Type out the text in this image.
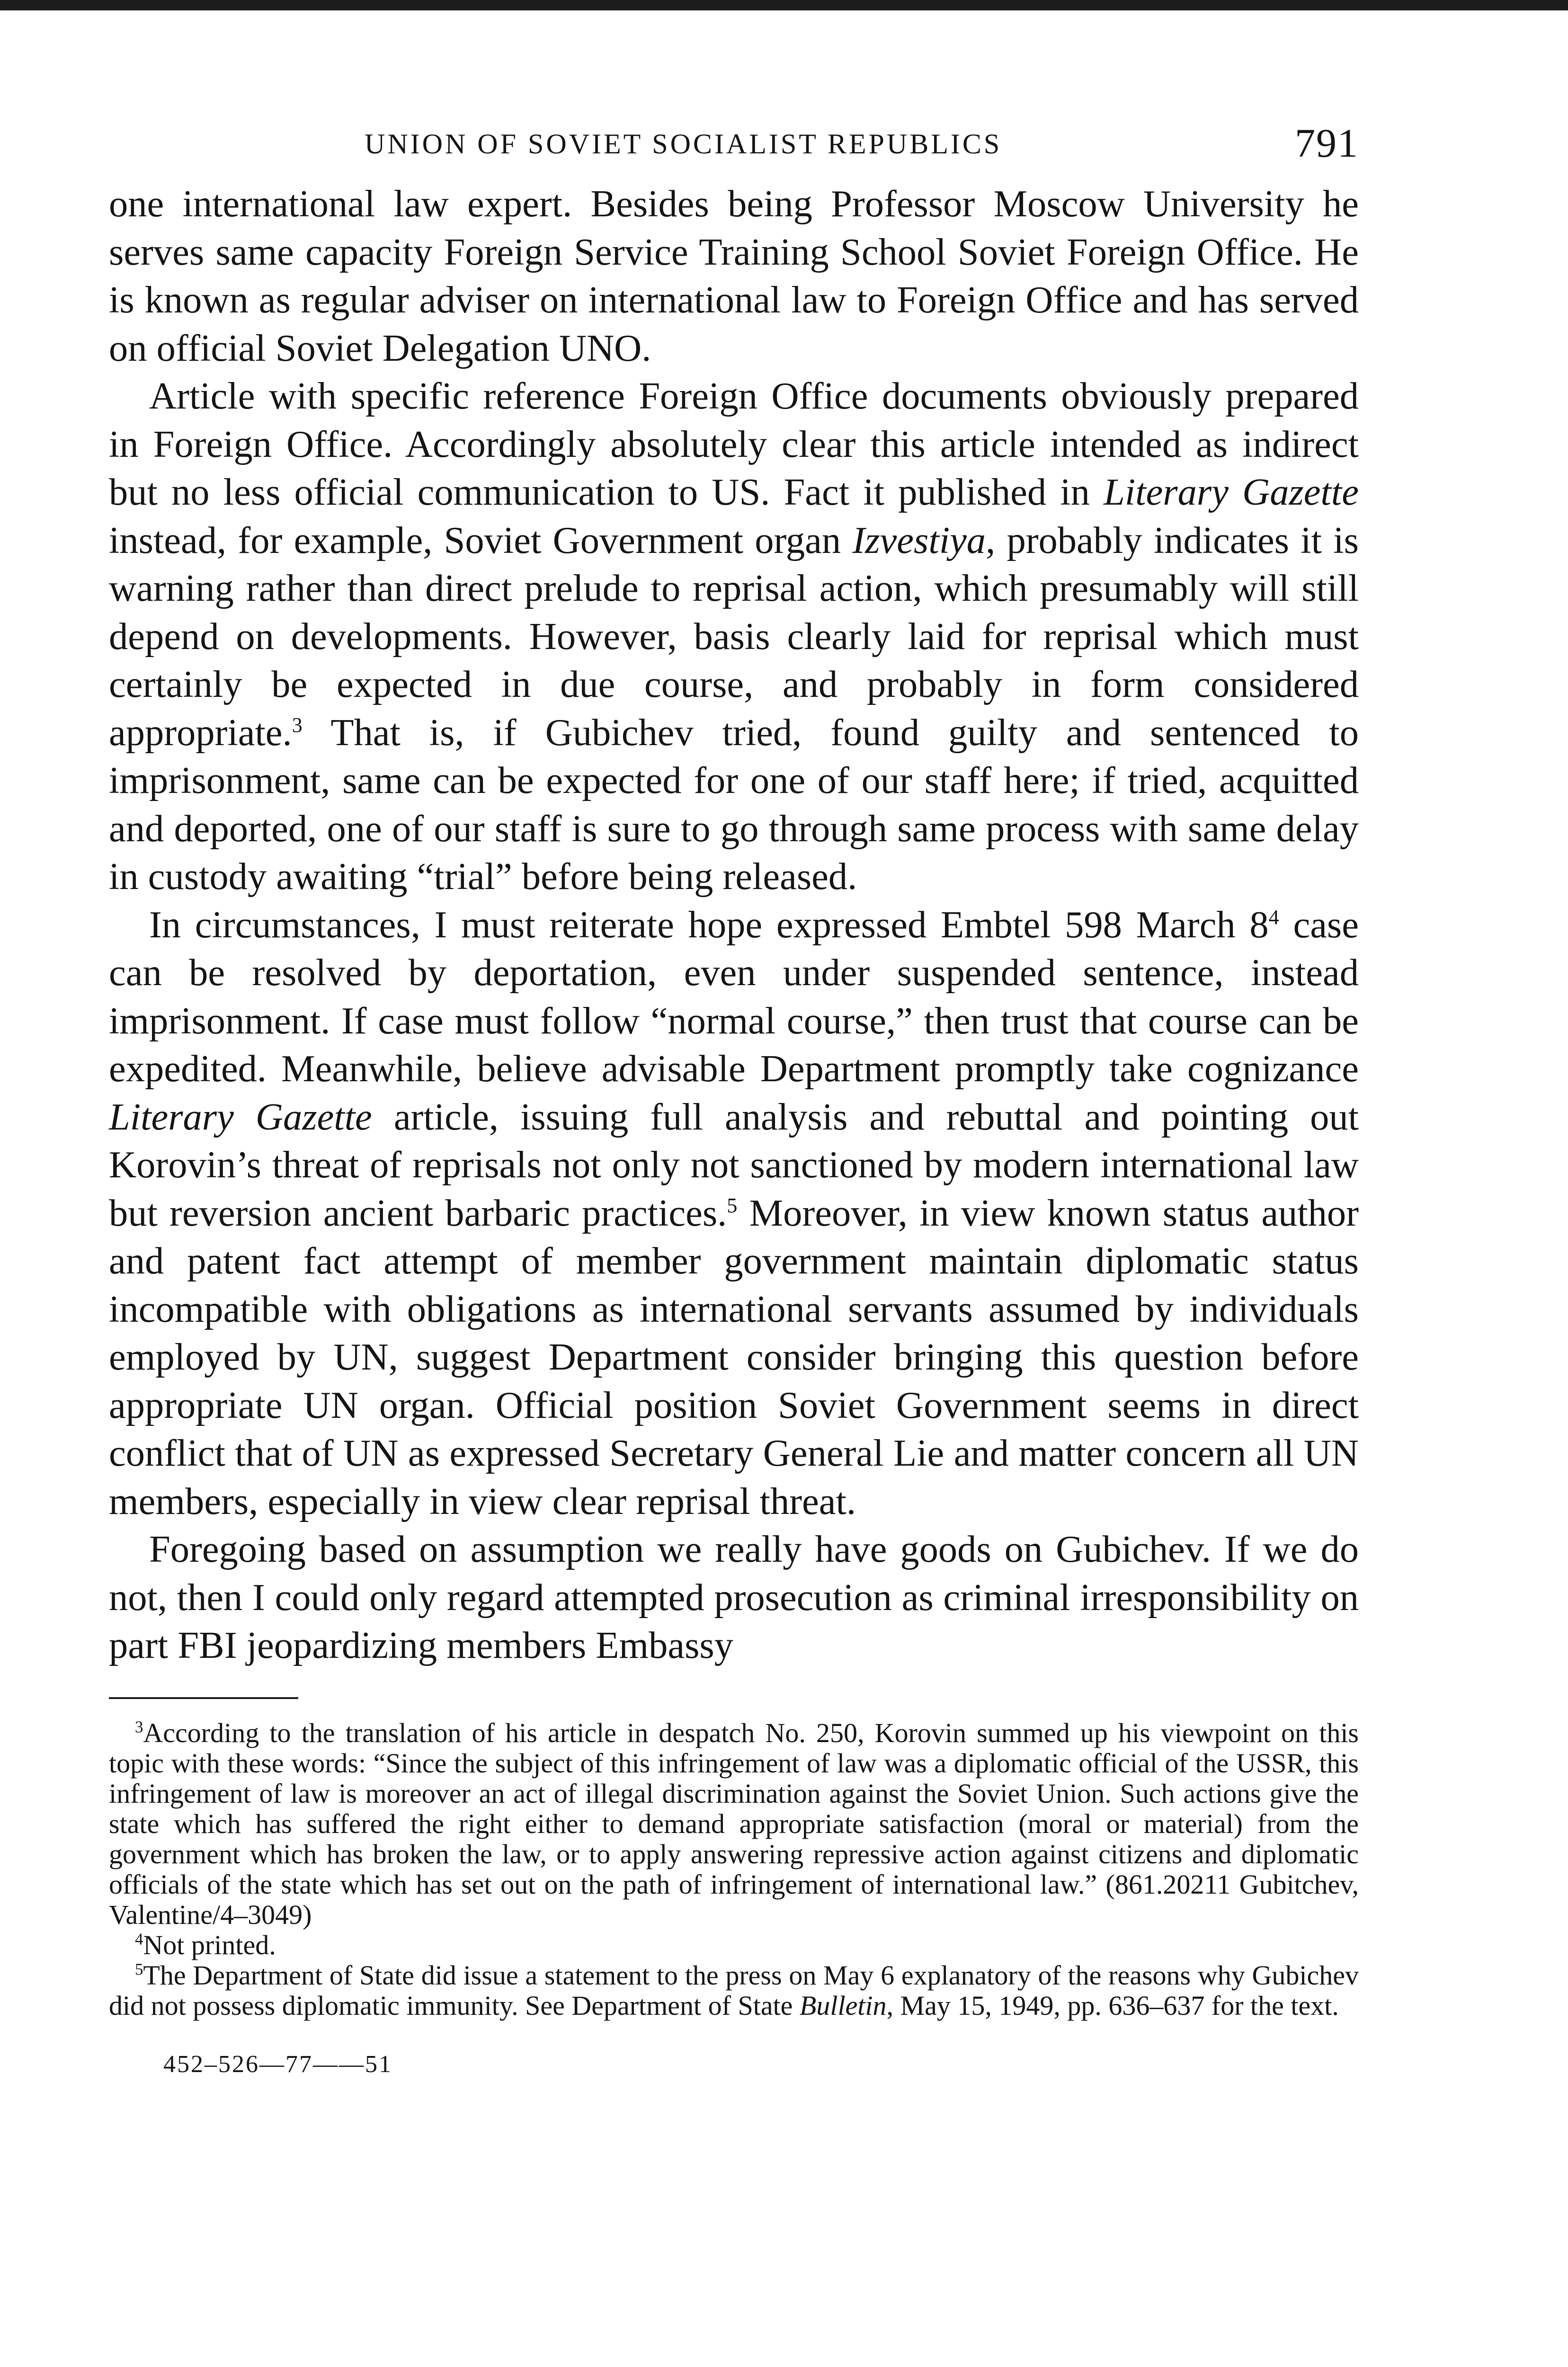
UNION OF SOVIET SOCIALIST REPUBLICS	791

one international law expert. Besides being Professor Moscow University he serves same capacity Foreign Service Training School Soviet Foreign Office. He is known as regular adviser on international law to Foreign Office and has served on official Soviet Delegation UNO.

Article with specific reference Foreign Office documents obviously prepared in Foreign Office. Accordingly absolutely clear this article intended as indirect but no less official communication to US. Fact it published in Literary Gazette instead, for example, Soviet Government organ Izvestiya, probably indicates it is warning rather than direct prelude to reprisal action, which presumably will still depend on developments. However, basis clearly laid for reprisal which must certainly be expected in due course, and probably in form considered appropriate.$^3$ That is, if Gubichev tried, found guilty and sentenced to imprisonment, same can be expected for one of our staff here; if tried, acquitted and deported, one of our staff is sure to go through same process with same delay in custody awaiting “trial” before being released.

In circumstances, I must reiterate hope expressed Embtel 598 March $8^4$ case can be resolved by deportation, even under suspended sentence, instead imprisonment. If case must follow “normal course,” then trust that course can be expedited. Meanwhile, believe advisable Department promptly take cognizance Literary Gazette article, issuing full analysis and rebuttal and pointing out Korovin’s threat of reprisals not only not sanctioned by modern international law but reversion ancient barbaric practices.$^5$ Moreover, in view known status author and patent fact attempt of member government maintain diplomatic status incompatible with obligations as international servants assumed by individuals employed by UN, suggest Department consider bringing this question before appropriate UN organ. Official position Soviet Government seems in direct conflict that of UN as expressed Secretary General Lie and matter concern all UN members, especially in view clear reprisal threat.

Foregoing based on assumption we really have goods on Gubichev. If we do not, then I could only regard attempted prosecution as criminal irresponsibility on part FBI jeopardizing members Embassy

$^3$According to the translation of his article in despatch No. 250, Korovin summed up his viewpoint on this topic with these words: “Since the subject of this infringement of law was a diplomatic official of the USSR, this infringement of law is moreover an act of illegal discrimination against the Soviet Union. Such actions give the state which has suffered the right either to demand appropriate satisfaction (moral or material) from the government which has broken the law, or to apply answering repressive action against citizens and diplomatic officials of the state which has set out on the path of infringement of international law.” (861.20211 Gubitchev, Valentine/4–3049)

$^4$Not printed.

$^5$The Department of State did issue a statement to the press on May 6 explanatory of the reasons why Gubichev did not possess diplomatic immunity. See Department of State Bulletin, May 15, 1949, pp. 636–637 for the text.

452–526—77——51
